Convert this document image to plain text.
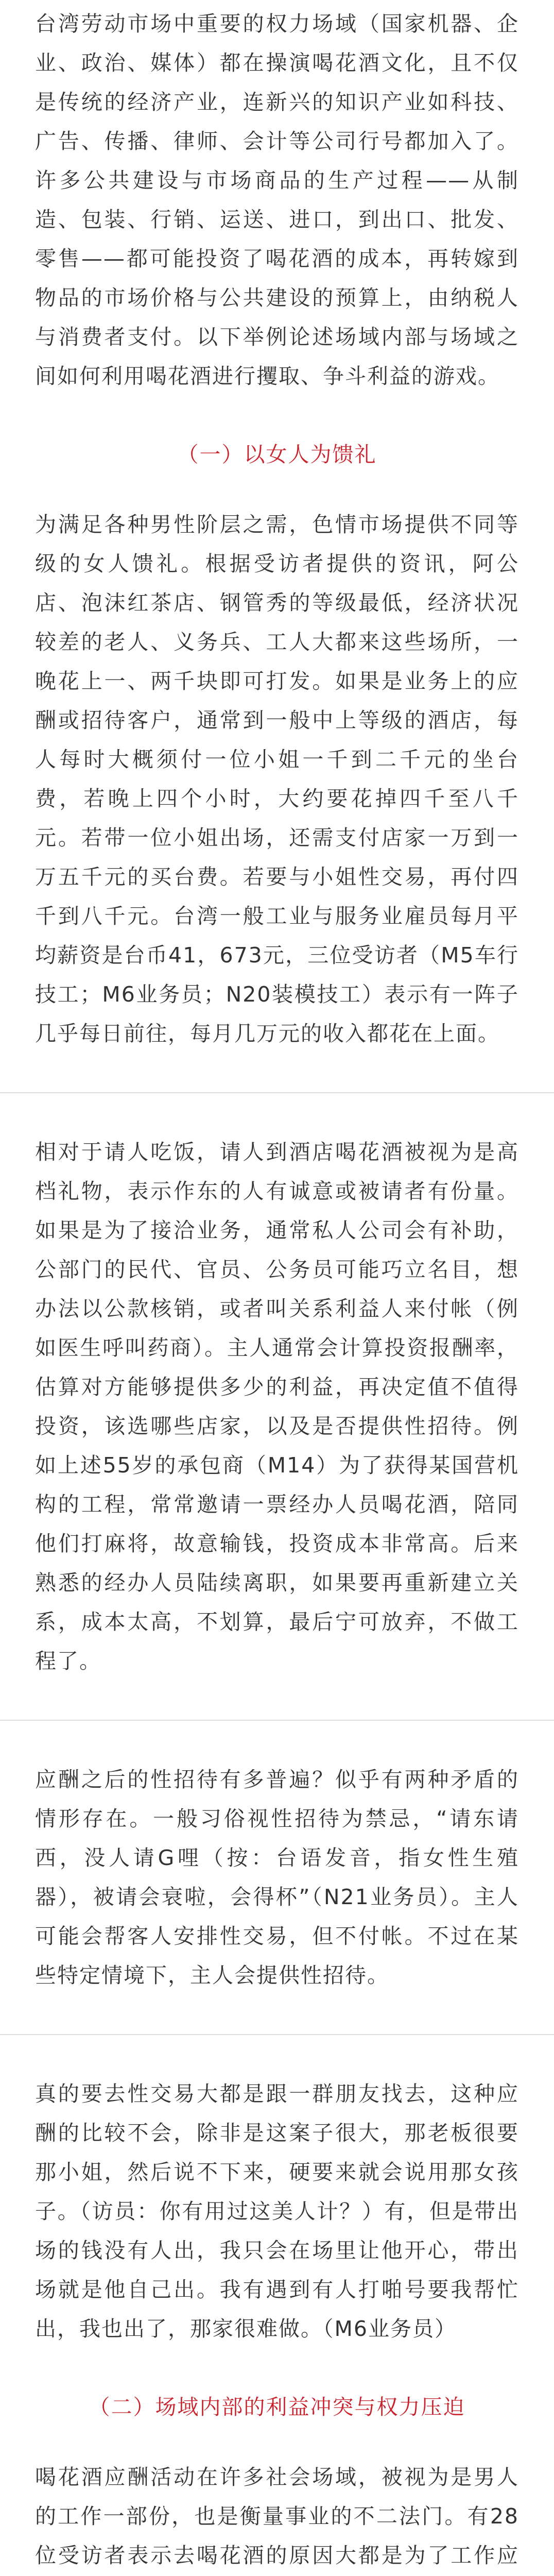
台湾劳动市场中重要的权力场域（国家机器、企业、政治、媒体）都在操演喝花酒文化，且不仅是传统的经济产业，连新兴的知识产业如科技、广告、传播、律师、会计等公司行号都加入了。许多公共建设与市场商品的生产过程——从制造、包装、行销、运送、进口，到出口、批发、零售——都可能投资了喝花酒的成本，再转嫁到物品的市场价格与公共建设的预算上，由纳税人与消费者支付。以下举例论述场域内部与场域之间如何利用喝花酒进行攫取、争斗利益的游戏。

（一）以女人为馈礼

为满足各种男性阶层之需，色情市场提供不同等级的女人馈礼。根据受访者提供的资讯，阿公店、泡沫红茶店、钢管秀的等级最低，经济状况较差的老人、义务兵、工人大都来这些场所，一晚花上一、两千块即可打发。如果是业务上的应酬或招待客户，通常到一般中上等级的酒店，每人每时大概须付一位小姐一千到二千元的坐台费，若晚上四个小时，大约要花掉四千至八千元。若带一位小姐出场，还需支付店家一万到一万五千元的买台费。若要与小姐性交易，再付四千到八千元。台湾一般工业与服务业雇员每月平均薪资是台币41，673元，三位受访者（M5车行技工；M6业务员；N20装模技工）表示有一阵子几乎每日前往，每月几万元的收入都花在上面。

相对于请人吃饭，请人到酒店喝花酒被视为是高档礼物，表示作东的人有诚意或被请者有份量。如果是为了接洽业务，通常私人公司会有补助，公部门的民代、官员、公务员可能巧立名目，想办法以公款核销，或者叫关系利益人来付帐（例如医生呼叫药商）。主人通常会计算投资报酬率，估算对方能够提供多少的利益，再决定值不值得投资，该选哪些店家，以及是否提供性招待。例如上述55岁的承包商（M14）为了获得某国营机构的工程，常常邀请一票经办人员喝花酒，陪同他们打麻将，故意输钱，投资成本非常高。后来熟悉的经办人员陆续离职，如果要再重新建立关系，成本太高，不划算，最后宁可放弃，不做工程了。

应酬之后的性招待有多普遍？似乎有两种矛盾的情形存在。一般习俗视性招待为禁忌，“请东请西，没人请G哩（按：台语发音，指女性生殖器），被请会衰啦，会得杯”（N21业务员）。主人可能会帮客人安排性交易，但不付帐。不过在某些特定情境下，主人会提供性招待。

真的要去性交易大都是跟一群朋友找去，这种应酬的比较不会，除非是这案子很大，那老板很要那小姐，然后说不下来，硬要来就会说用那女孩子。（访员：你有用过这美人计？）有，但是带出场的钱没有人出，我只会在场里让他开心，带出场就是他自己出。我有遇到有人打啪号要我帮忙出，我也出了，那家很难做。（M6业务员）

（二）场域内部的利益冲突与权力压迫

喝花酒应酬活动在许多社会场域，被视为是男人的工作一部份，也是衡量事业的不二法门。有28位受访者表示去喝花酒的原因大都是为了工作应
